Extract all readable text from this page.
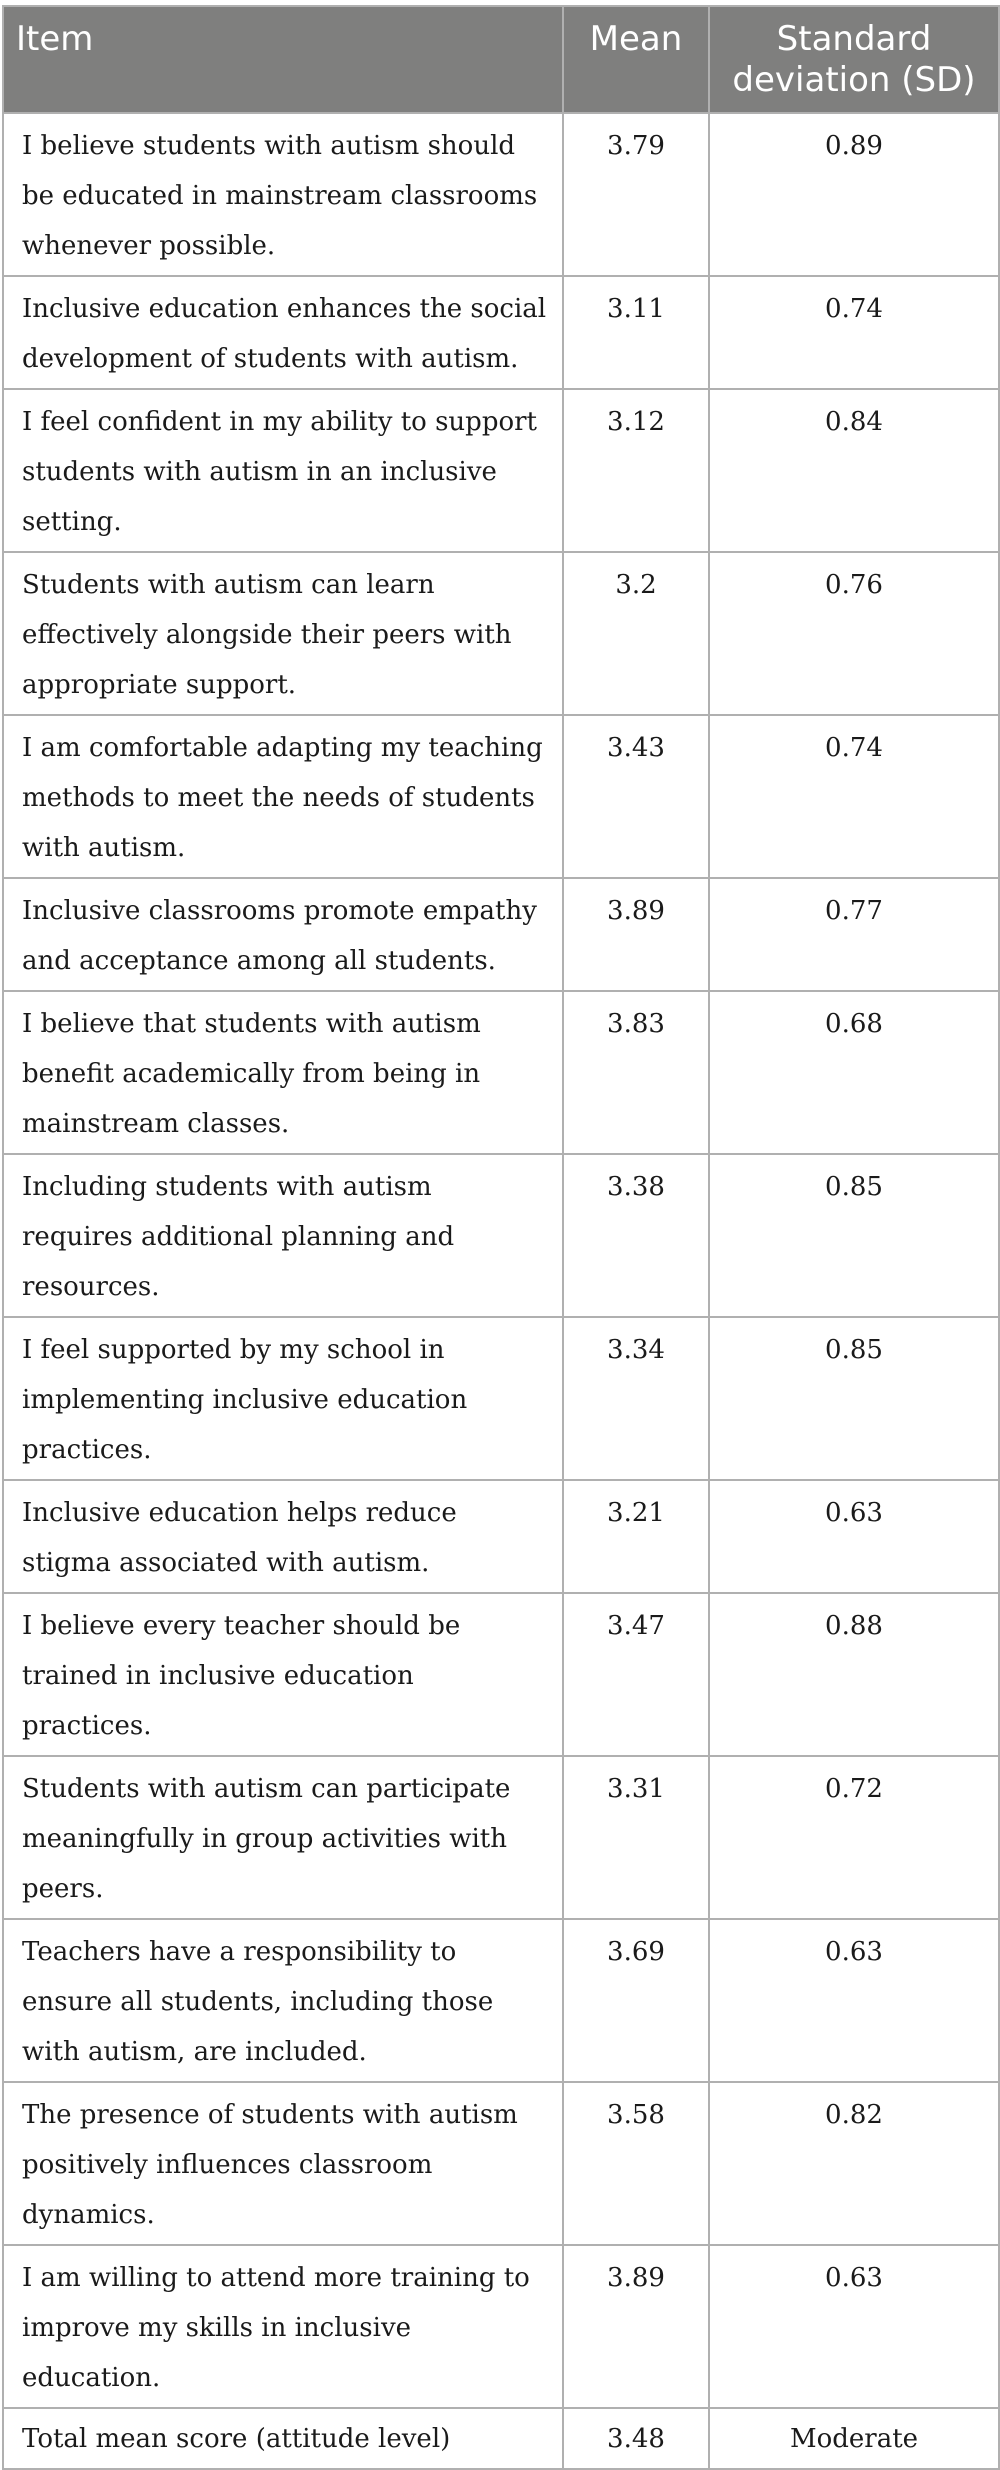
Item	Mean	Standard deviation (SD)
I believe students with autism should be educated in mainstream classrooms whenever possible.	3.79	0.89
Inclusive education enhances the social development of students with autism.	3.11	0.74
I feel confident in my ability to support students with autism in an inclusive setting.	3.12	0.84
Students with autism can learn effectively alongside their peers with appropriate support.	3.2	0.76
I am comfortable adapting my teaching methods to meet the needs of students with autism.	3.43	0.74
Inclusive classrooms promote empathy and acceptance among all students.	3.89	0.77
I believe that students with autism benefit academically from being in mainstream classes.	3.83	0.68
Including students with autism requires additional planning and resources.	3.38	0.85
I feel supported by my school in implementing inclusive education practices.	3.34	0.85
Inclusive education helps reduce stigma associated with autism.	3.21	0.63
I believe every teacher should be trained in inclusive education practices.	3.47	0.88
Students with autism can participate meaningfully in group activities with peers.	3.31	0.72
Teachers have a responsibility to ensure all students, including those with autism, are included.	3.69	0.63
The presence of students with autism positively influences classroom dynamics.	3.58	0.82
I am willing to attend more training to improve my skills in inclusive education.	3.89	0.63
Total mean score (attitude level)	3.48	Moderate
